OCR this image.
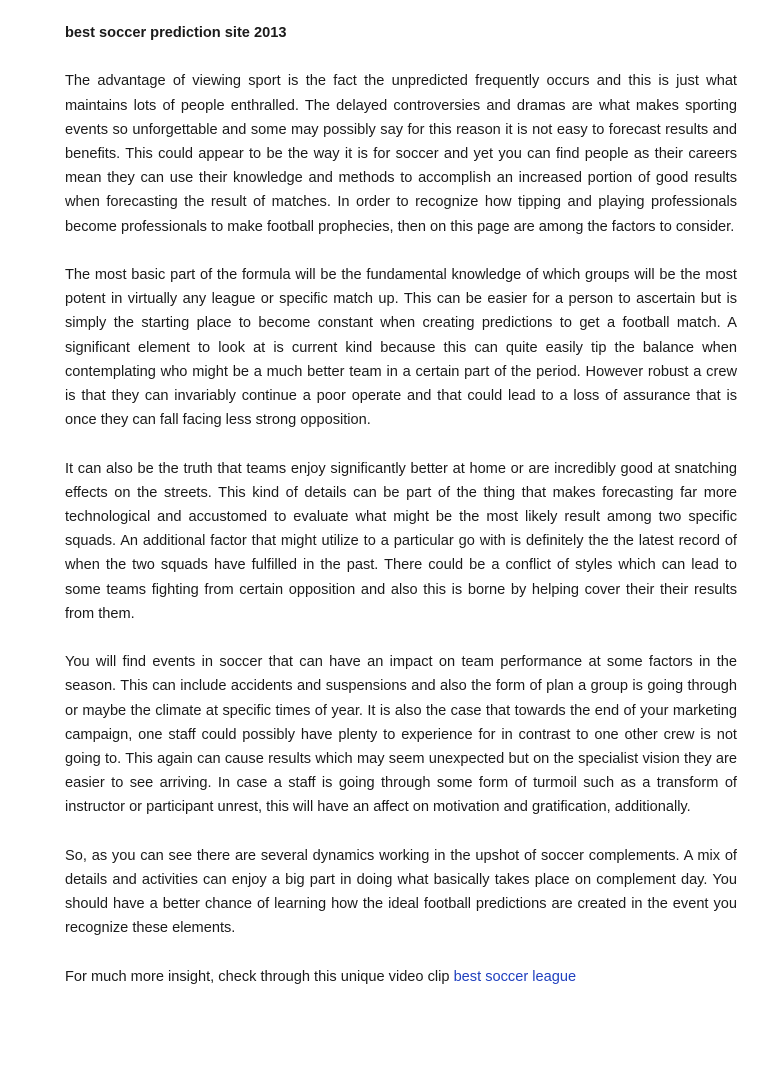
best soccer prediction site 2013

The advantage of viewing sport is the fact the unpredicted frequently occurs and this is just what maintains lots of people enthralled. The delayed controversies and dramas are what makes sporting events so unforgettable and some may possibly say for this reason it is not easy to forecast results and benefits. This could appear to be the way it is for soccer and yet you can find people as their careers mean they can use their knowledge and methods to accomplish an increased portion of good results when forecasting the result of matches. In order to recognize how tipping and playing professionals become professionals to make football prophecies, then on this page are among the factors to consider.

The most basic part of the formula will be the fundamental knowledge of which groups will be the most potent in virtually any league or specific match up. This can be easier for a person to ascertain but is simply the starting place to become constant when creating predictions to get a football match. A significant element to look at is current kind because this can quite easily tip the balance when contemplating who might be a much better team in a certain part of the period. However robust a crew is that they can invariably continue a poor operate and that could lead to a loss of assurance that is once they can fall facing less strong opposition.

It can also be the truth that teams enjoy significantly better at home or are incredibly good at snatching effects on the streets. This kind of details can be part of the thing that makes forecasting far more technological and accustomed to evaluate what might be the most likely result among two specific squads. An additional factor that might utilize to a particular go with is definitely the the latest record of when the two squads have fulfilled in the past. There could be a conflict of styles which can lead to some teams fighting from certain opposition and also this is borne by helping cover their their results from them.

You will find events in soccer that can have an impact on team performance at some factors in the season. This can include accidents and suspensions and also the form of plan a group is going through or maybe the climate at specific times of year. It is also the case that towards the end of your marketing campaign, one staff could possibly have plenty to experience for in contrast to one other crew is not going to. This again can cause results which may seem unexpected but on the specialist vision they are easier to see arriving. In case a staff is going through some form of turmoil such as a transform of instructor or participant unrest, this will have an affect on motivation and gratification, additionally.

So, as you can see there are several dynamics working in the upshot of soccer complements. A mix of details and activities can enjoy a big part in doing what basically takes place on complement day. You should have a better chance of learning how the ideal football predictions are created in the event you recognize these elements.

For much more insight, check through this unique video clip best soccer league
